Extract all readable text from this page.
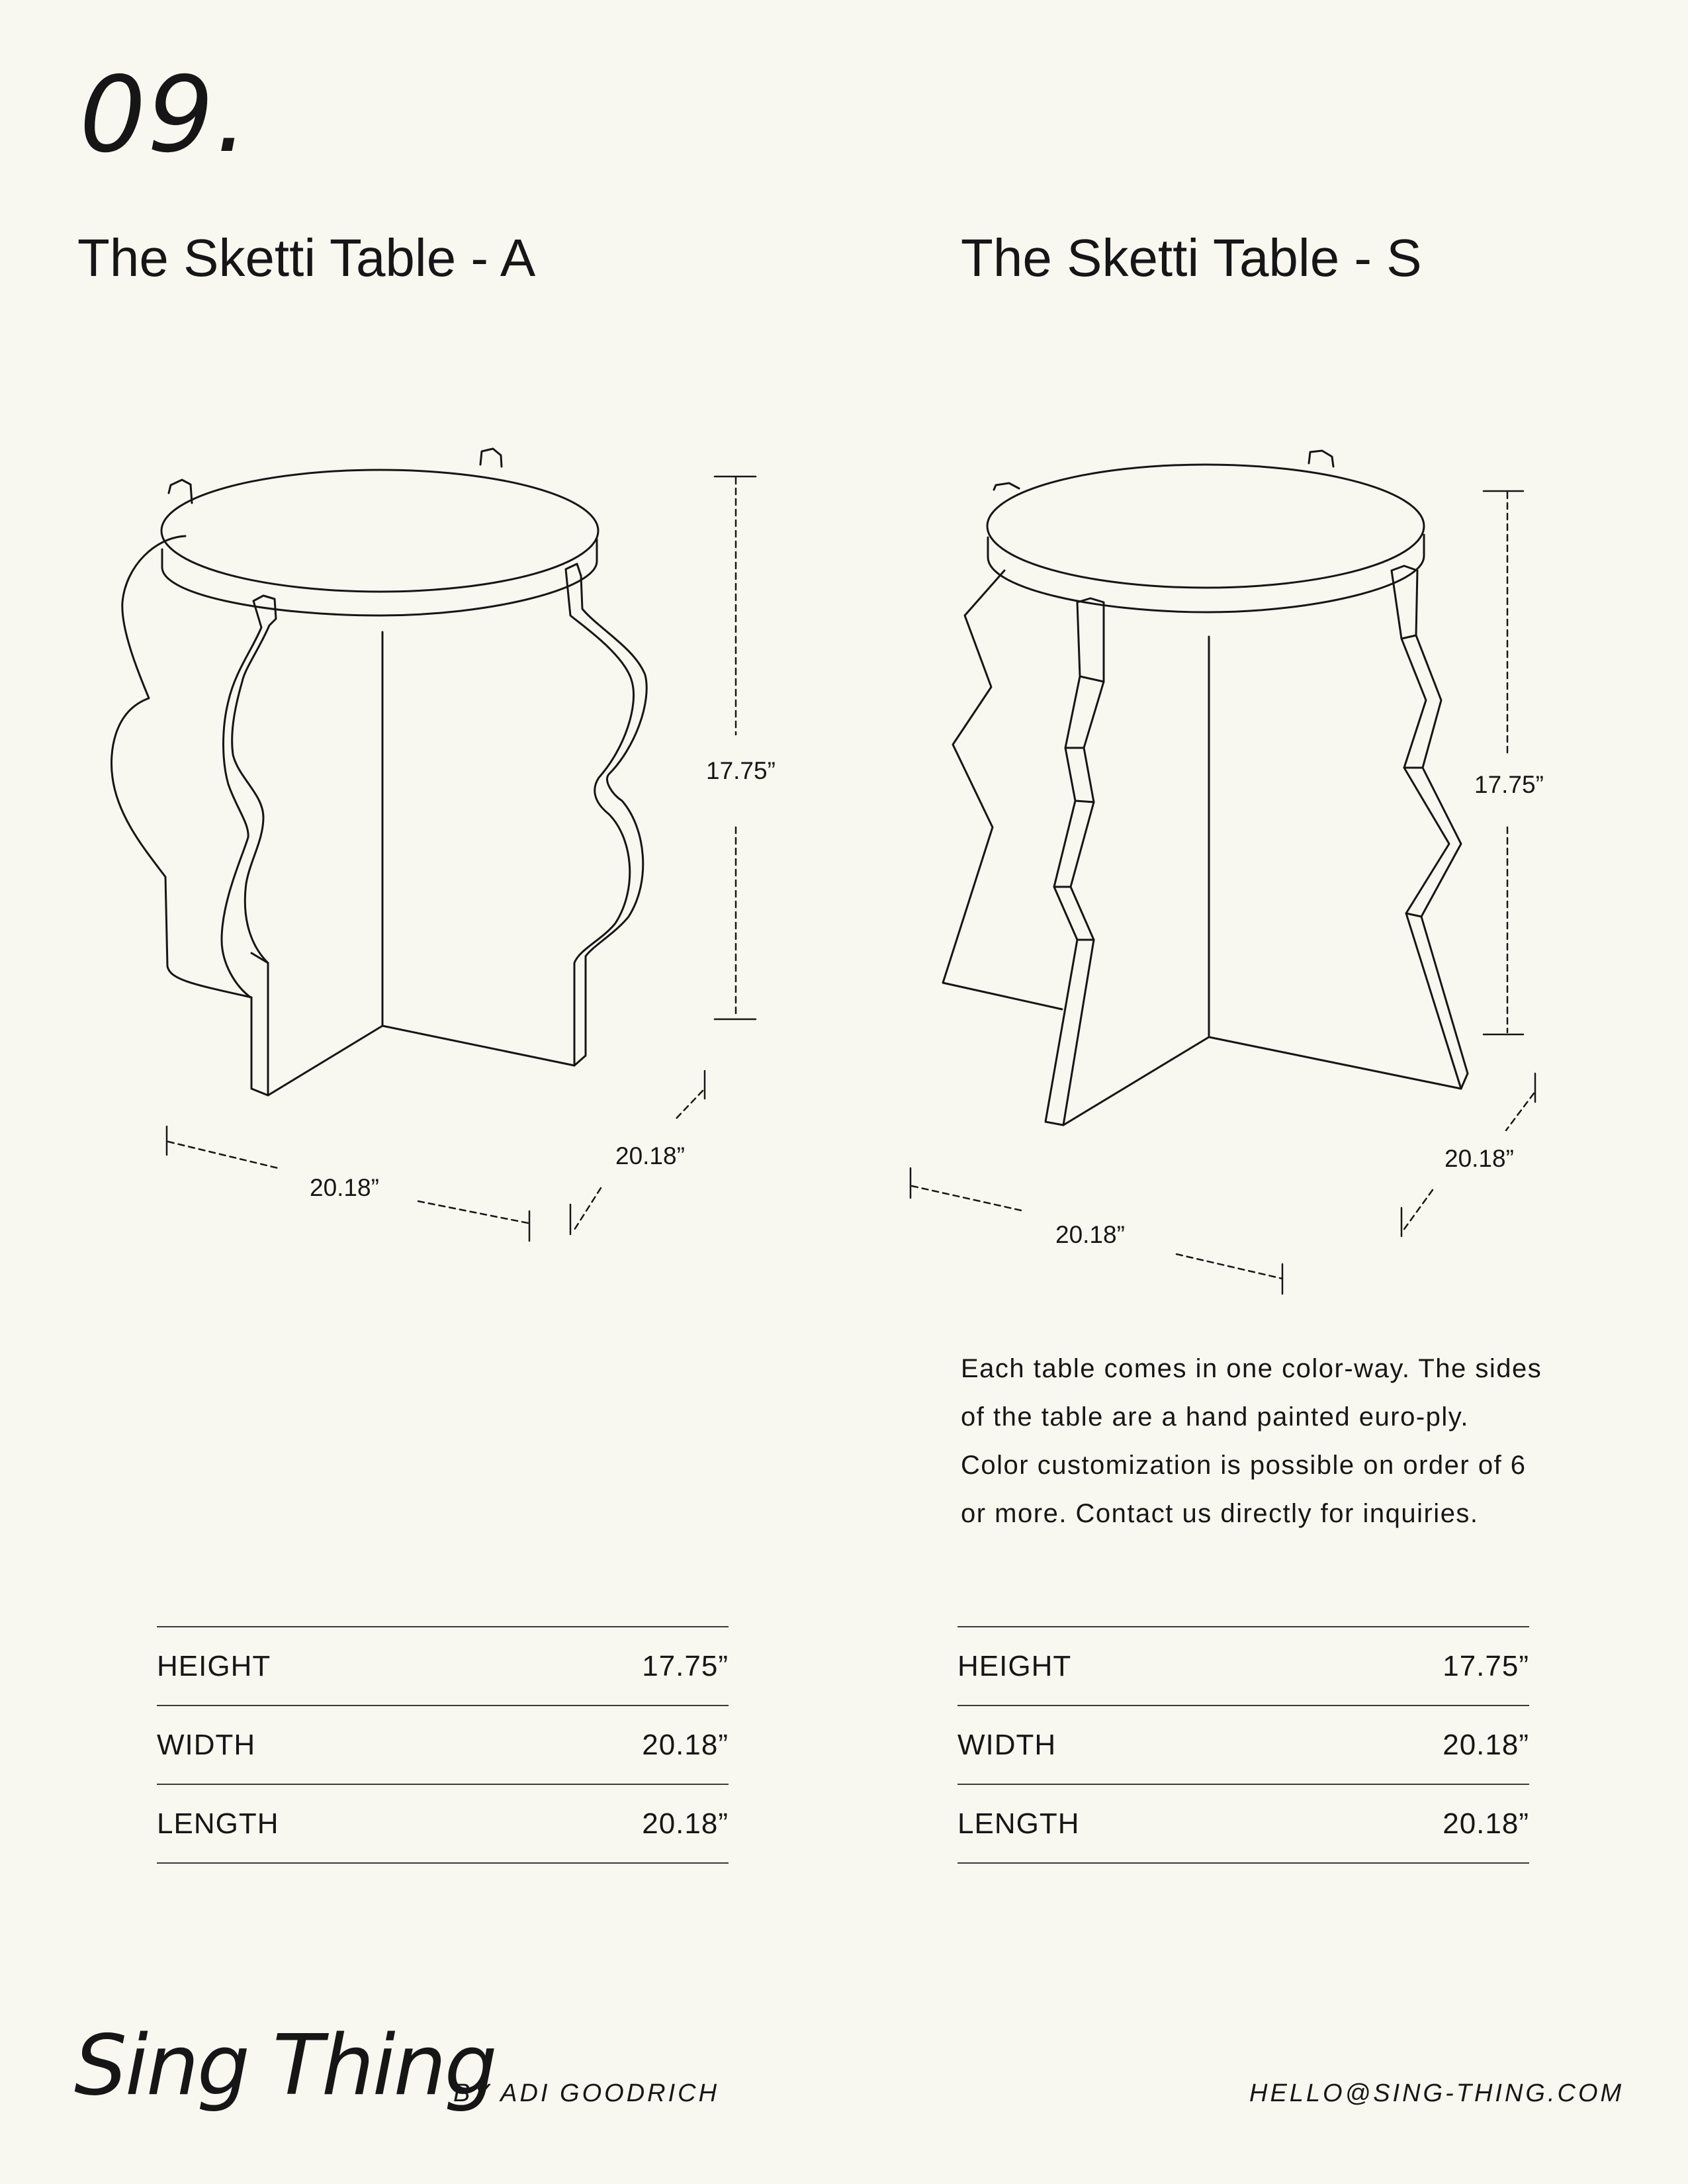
09.
The Sketti Table - A	The Sketti Table - S
17.75”
20.18”
20.18”
17.75”
20.18”
20.18”

Each table comes in one color-way. The sides of the table are a hand painted euro-ply. Color customization is possible on order of 6 or more. Contact us directly for inquiries.

HEIGHT	17.75”
WIDTH	20.18”
LENGTH	20.18”
HEIGHT	17.75”
WIDTH	20.18”
LENGTH	20.18”
Sing Thing
BY ADI GOODRICH	HELLO@SING-THING.COM
